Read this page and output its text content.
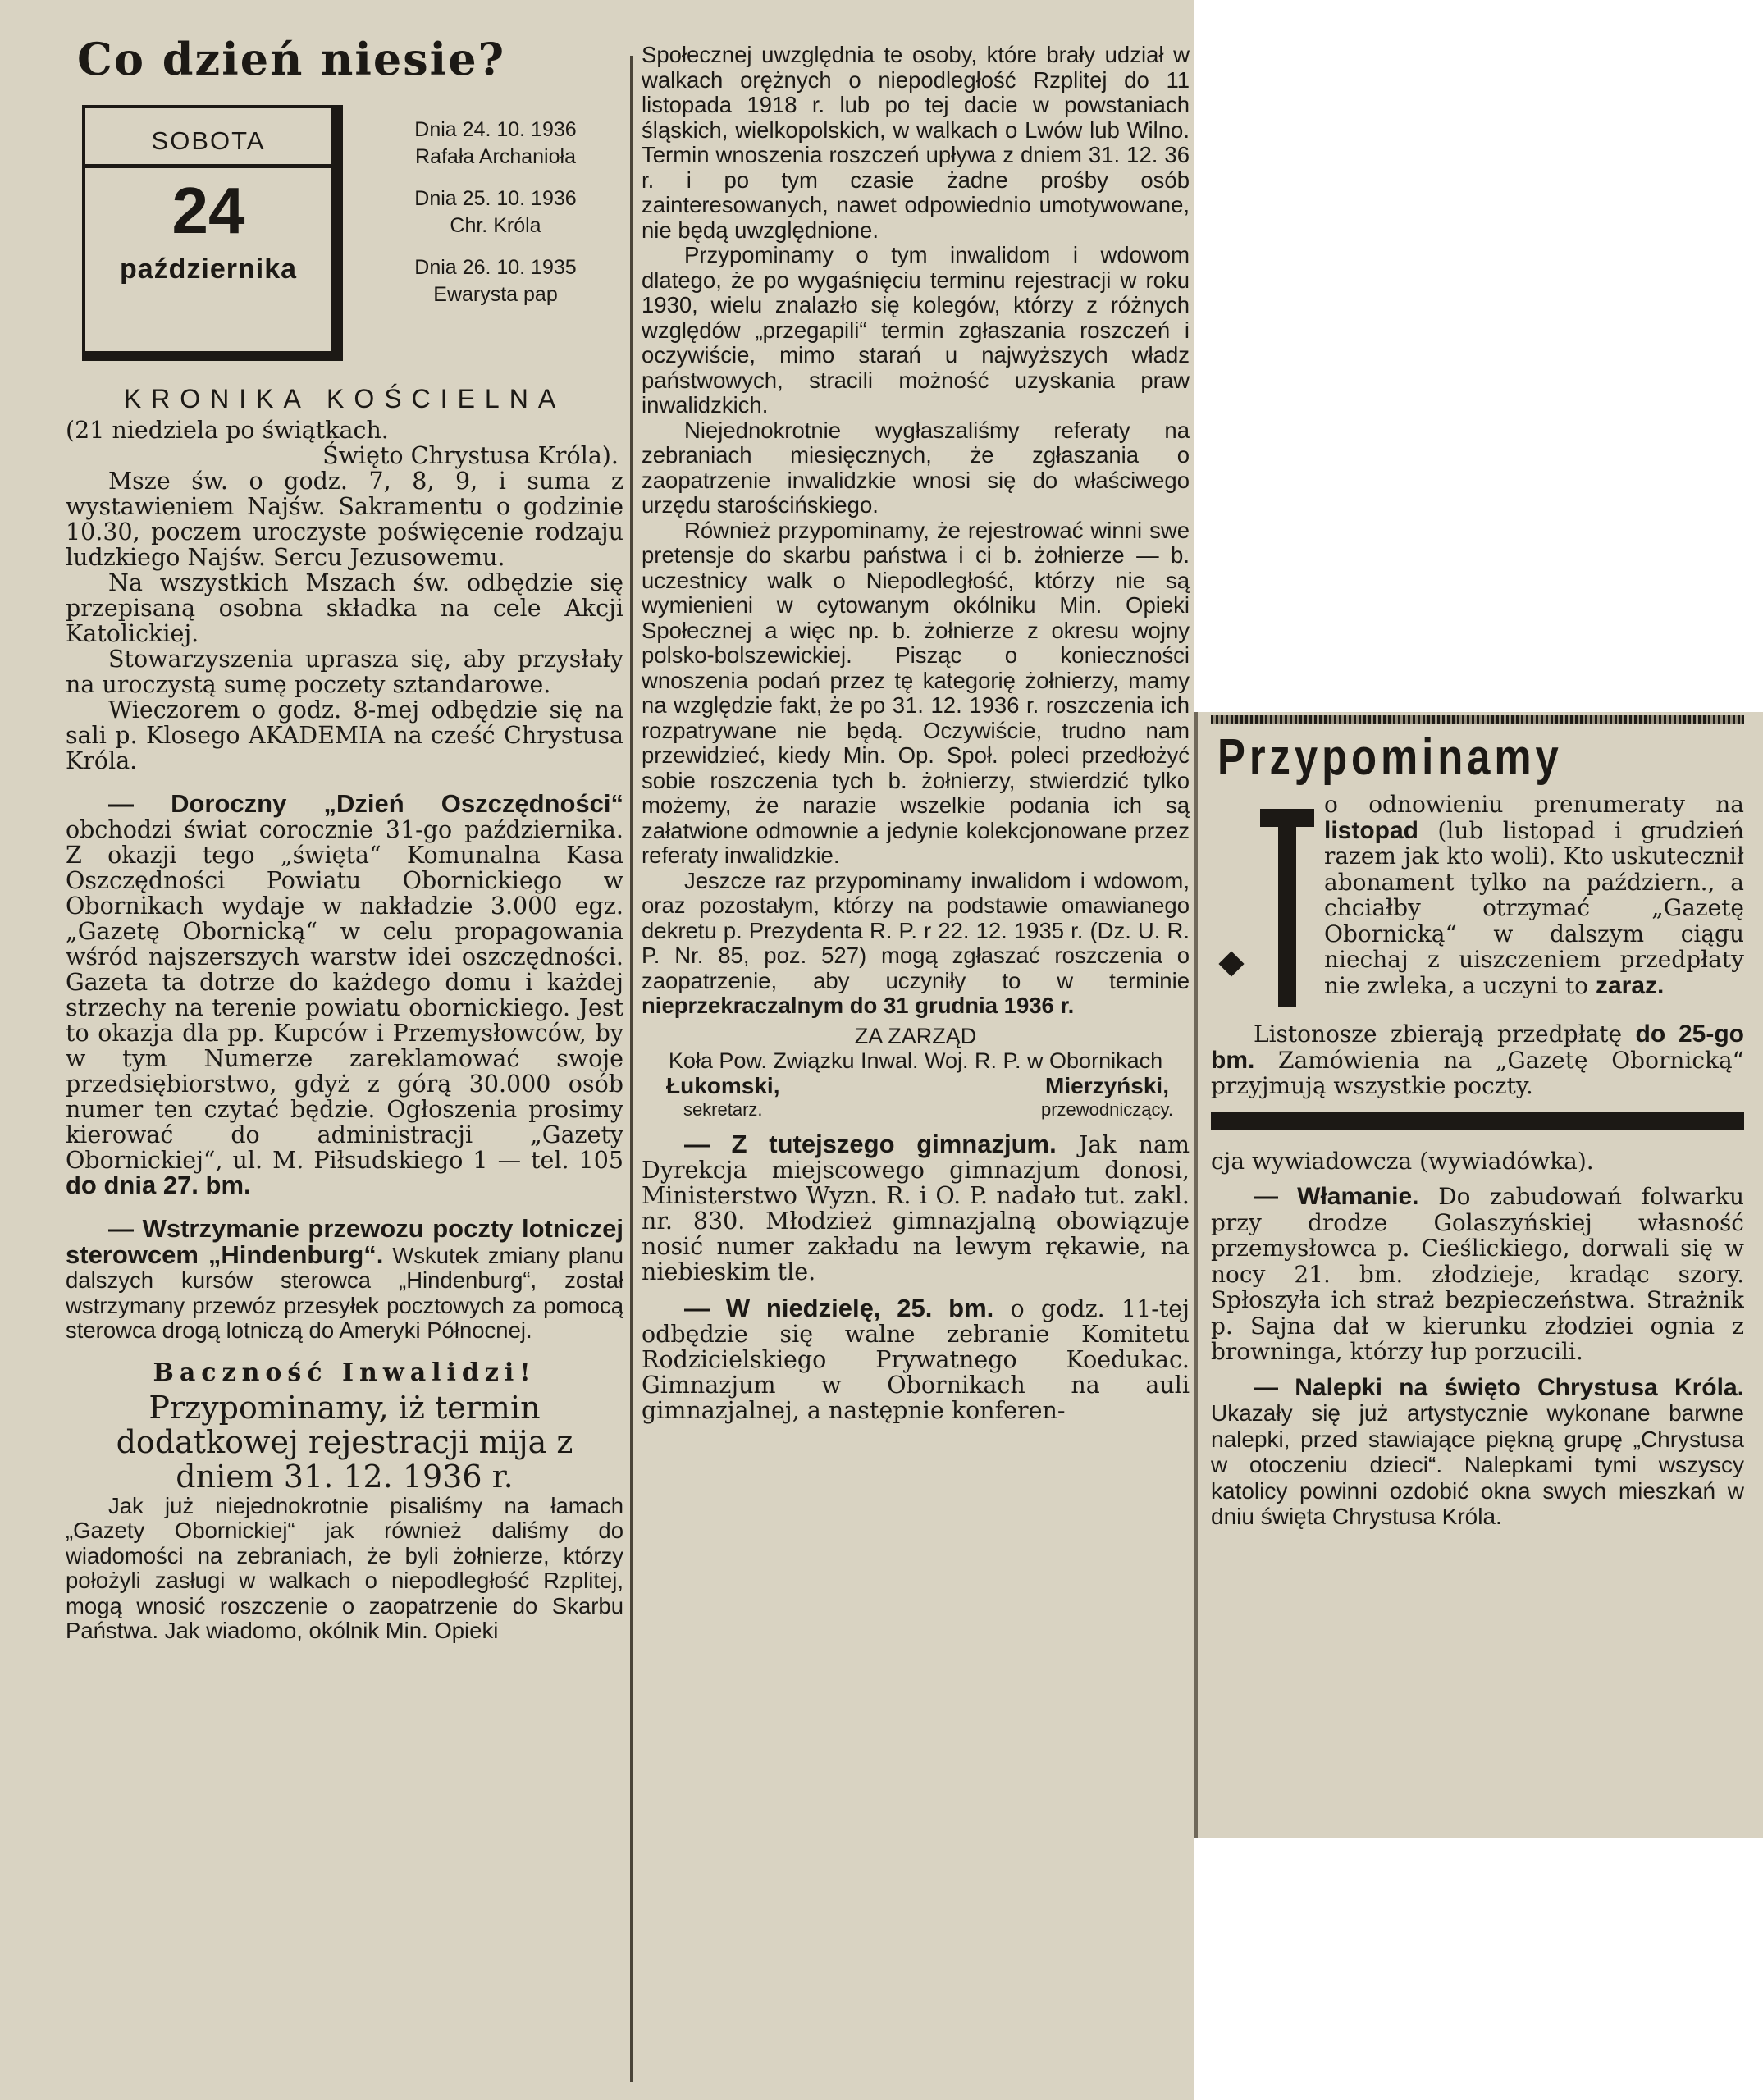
Co dzień niesie?
SOBOTA
24
października
Dnia 24. 10. 1936
Rafała Archanioła
Dnia 25. 10. 1936
Chr. Króla
Dnia 26. 10. 1935
Ewarysta pap
KRONIKA KOŚCIELNA

(21 niedziela po świątkach.

Święto Chrystusa Króla).

Msze św. o godz. 7, 8, 9, i suma z wystawieniem Najśw. Sakramentu o godzinie 10.30, poczem uroczyste poświęcenie rodzaju ludzkiego Najśw. Sercu Jezusowemu.

Na wszystkich Mszach św. odbędzie się przepisaną osobna składka na cele Akcji Katolickiej.

Stowarzyszenia uprasza się, aby przysłały na uroczystą sumę poczety sztandarowe.

Wieczorem o godz. 8-mej odbędzie się na sali p. Klosego AKADEMIA na cześć Chrystusa Króla.

— Doroczny „Dzień Oszczędności“ obchodzi świat corocznie 31-go października. Z okazji tego „święta“ Komunalna Kasa Oszczędności Powiatu Obornickiego w Obornikach wydaje w nakładzie 3.000 egz. „Gazetę Obornicką“ w celu propagowania wśród najszerszych warstw idei oszczędności. Gazeta ta dotrze do każdego domu i każdej strzechy na terenie powiatu obornickiego. Jest to okazja dla pp. Kupców i Przemysłowców, by w tym Numerze zareklamować swoje przedsiębiorstwo, gdyż z górą 30.000 osób numer ten czytać będzie. Ogłoszenia prosimy kierować do administracji „Gazety Obornickiej“, ul. M. Piłsudskiego 1 — tel. 105 do dnia 27. bm.

— Wstrzymanie przewozu poczty lotniczej sterowcem „Hindenburg“. Wskutek zmiany planu dalszych kursów sterowca „Hindenburg“, został wstrzymany przewóz przesyłek pocztowych za pomocą sterowca drogą lotniczą do Ameryki Północnej.

Baczność Inwalidzi!

Przypominamy, iż termin dodatkowej rejestracji mija z dniem 31. 12. 1936 r.

Jak już niejednokrotnie pisaliśmy na łamach „Gazety Obornickiej“ jak również daliśmy do wiadomości na zebraniach, że byli żołnierze, którzy położyli zasługi w walkach o niepodległość Rzplitej, mogą wnosić roszczenie o zaopatrzenie do Skarbu Państwa. Jak wiadomo, okólnik Min. Opieki

Społecznej uwzględnia te osoby, które brały udział w walkach orężnych o niepodległość Rzplitej do 11 listopada 1918 r. lub po tej dacie w powstaniach śląskich, wielkopolskich, w walkach o Lwów lub Wilno. Termin wnoszenia roszczeń upływa z dniem 31. 12. 36 r. i po tym czasie żadne prośby osób zainteresowanych, nawet odpowiednio umotywowane, nie będą uwzględnione.

Przypominamy o tym inwalidom i wdowom dlatego, że po wygaśnięciu terminu rejestracji w roku 1930, wielu znalazło się kolegów, którzy z różnych względów „przegapili“ termin zgłaszania roszczeń i oczywiście, mimo starań u najwyższych władz państwowych, stracili możność uzyskania praw inwalidzkich.

Niejednokrotnie wygłaszaliśmy referaty na zebraniach miesięcznych, że zgłaszania o zaopatrzenie inwalidzkie wnosi się do właściwego urzędu starościńskiego.

Również przypominamy, że rejestrować winni swe pretensje do skarbu państwa i ci b. żołnierze — b. uczestnicy walk o Niepodległość, którzy nie są wymienieni w cytowanym okólniku Min. Opieki Społecznej a więc np. b. żołnierze z okresu wojny polsko-bolszewickiej. Pisząc o konieczności wnoszenia podań przez tę kategorię żołnierzy, mamy na względzie fakt, że po 31. 12. 1936 r. roszczenia ich rozpatrywane nie będą. Oczywiście, trudno nam przewidzieć, kiedy Min. Op. Społ. poleci przedłożyć sobie roszczenia tych b. żołnierzy, stwierdzić tylko możemy, że narazie wszelkie podania ich są załatwione odmownie a jedynie kolekcjonowane przez referaty inwalidzkie.

Jeszcze raz przypominamy inwalidom i wdowom, oraz pozostałym, którzy na podstawie omawianego dekretu p. Prezydenta R. P. r 22. 12. 1935 r. (Dz. U. R. P. Nr. 85, poz. 527) mogą zgłaszać roszczenia o zaopatrzenie, aby uczyniły to w terminie nieprzekraczalnym do 31 grudnia 1936 r.

ZA ZARZĄD
Koła Pow. Związku Inwal. Woj. R. P. w Obornikach
Łukomski,
sekretarz.
Mierzyński,
przewodniczący.

— Z tutejszego gimnazjum. Jak nam Dyrekcja miejscowego gimnazjum donosi, Ministerstwo Wyzn. R. i O. P. nadało tut. zakl. nr. 830. Młodzież gimnazjalną obowiązuje nosić numer zakładu na lewym rękawie, na niebieskim tle.

— W niedzielę, 25. bm. o godz. 11-tej odbędzie się walne zebranie Komitetu Rodzicielskiego Prywatnego Koedukac. Gimnazjum w Obornikach na auli gimnazjalnej, a następnie konferen-

Przypominamy

o odnowieniu prenumeraty na listopad (lub listopad i grudzień razem jak kto woli). Kto uskutecznił abonament tylko na październ., a chciałby otrzymać „Gazetę Obornicką“ w dalszym ciągu niechaj z uiszczeniem przedpłaty nie zwleka, a uczyni to zaraz.

Listonosze zbierają przedpłatę do 25-go bm. Zamówienia na „Gazetę Obornicką“ przyjmują wszystkie poczty.

cja wywiadowcza (wywiadówka).

— Włamanie. Do zabudowań folwarku przy drodze Golaszyńskiej własność przemysłowca p. Cieślickiego, dorwali się w nocy 21. bm. złodzieje, kradąc szory. Spłoszyła ich straż bezpieczeństwa. Strażnik p. Sajna dał w kierunku złodziei ognia z browninga, którzy łup porzucili.

— Nalepki na święto Chrystusa Króla. Ukazały się już artystycznie wykonane barwne nalepki, przed stawiające piękną grupę „Chrystusa w otoczeniu dzieci“. Nalepkami tymi wszyscy katolicy powinni ozdobić okna swych mieszkań w dniu święta Chrystusa Króla.
